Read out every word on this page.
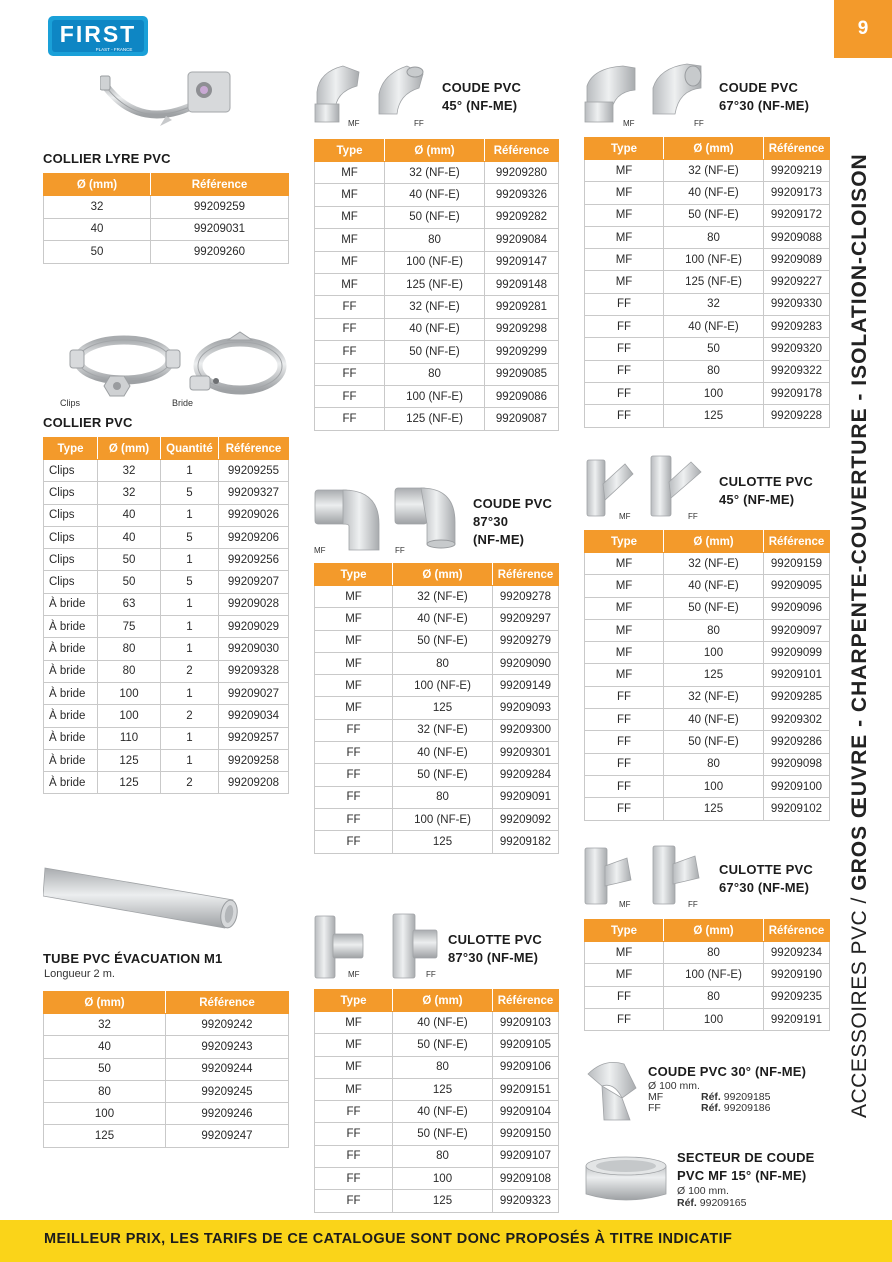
FIRST
PLAST - FRANCE
9
ACCESSOIRES PVC / GROS ŒUVRE - CHARPENTE-COUVERTURE - ISOLATION-CLOISON
COLLIER LYRE PVC
Ø (mm)	Référence
32	99209259
40	99209031
50	99209260
Clips	Bride
COLLIER PVC
Type	Ø (mm)	Quantité	Référence
Clips	32	1	99209255
Clips	32	5	99209327
Clips	40	1	99209026
Clips	40	5	99209206
Clips	50	1	99209256
Clips	50	5	99209207
À bride	63	1	99209028
À bride	75	1	99209029
À bride	80	1	99209030
À bride	80	2	99209328
À bride	100	1	99209027
À bride	100	2	99209034
À bride	110	1	99209257
À bride	125	1	99209258
À bride	125	2	99209208
TUBE PVC ÉVACUATION M1
Longueur 2 m.
Ø (mm)	Référence
32	99209242
40	99209243
50	99209244
80	99209245
100	99209246
125	99209247
MF	FF
COUDE PVC
45° (NF-ME)
Type	Ø (mm)	Référence
MF	32 (NF-E)	99209280
MF	40 (NF-E)	99209326
MF	50 (NF-E)	99209282
MF	80	99209084
MF	100 (NF-E)	99209147
MF	125 (NF-E)	99209148
FF	32 (NF-E)	99209281
FF	40 (NF-E)	99209298
FF	50 (NF-E)	99209299
FF	80	99209085
FF	100 (NF-E)	99209086
FF	125 (NF-E)	99209087
MF	FF
COUDE PVC
87°30
(NF-ME)
Type	Ø (mm)	Référence
MF	32 (NF-E)	99209278
MF	40 (NF-E)	99209297
MF	50 (NF-E)	99209279
MF	80	99209090
MF	100 (NF-E)	99209149
MF	125	99209093
FF	32 (NF-E)	99209300
FF	40 (NF-E)	99209301
FF	50 (NF-E)	99209284
FF	80	99209091
FF	100 (NF-E)	99209092
FF	125	99209182
MF	FF
CULOTTE PVC
87°30 (NF-ME)
Type	Ø (mm)	Référence
MF	40 (NF-E)	99209103
MF	50 (NF-E)	99209105
MF	80	99209106
MF	125	99209151
FF	40 (NF-E)	99209104
FF	50 (NF-E)	99209150
FF	80	99209107
FF	100	99209108
FF	125	99209323
MF	FF
COUDE PVC
67°30 (NF-ME)
Type	Ø (mm)	Référence
MF	32 (NF-E)	99209219
MF	40 (NF-E)	99209173
MF	50 (NF-E)	99209172
MF	80	99209088
MF	100 (NF-E)	99209089
MF	125 (NF-E)	99209227
FF	32	99209330
FF	40 (NF-E)	99209283
FF	50	99209320
FF	80	99209322
FF	100	99209178
FF	125	99209228
MF	FF
CULOTTE PVC
45° (NF-ME)
Type	Ø (mm)	Référence
MF	32 (NF-E)	99209159
MF	40 (NF-E)	99209095
MF	50 (NF-E)	99209096
MF	80	99209097
MF	100	99209099
MF	125	99209101
FF	32 (NF-E)	99209285
FF	40 (NF-E)	99209302
FF	50 (NF-E)	99209286
FF	80	99209098
FF	100	99209100
FF	125	99209102
MF	FF
CULOTTE PVC
67°30 (NF-ME)
Type	Ø (mm)	Référence
MF	80	99209234
MF	100 (NF-E)	99209190
FF	80	99209235
FF	100	99209191
COUDE PVC 30° (NF-ME)
Ø 100 mm.
MF	Réf. 99209185
FF	Réf. 99209186
SECTEUR DE COUDE
PVC MF 15° (NF-ME)
Ø 100 mm.
Réf. 99209165
MEILLEUR PRIX, LES TARIFS DE CE CATALOGUE SONT DONC PROPOSÉS À TITRE INDICATIF
